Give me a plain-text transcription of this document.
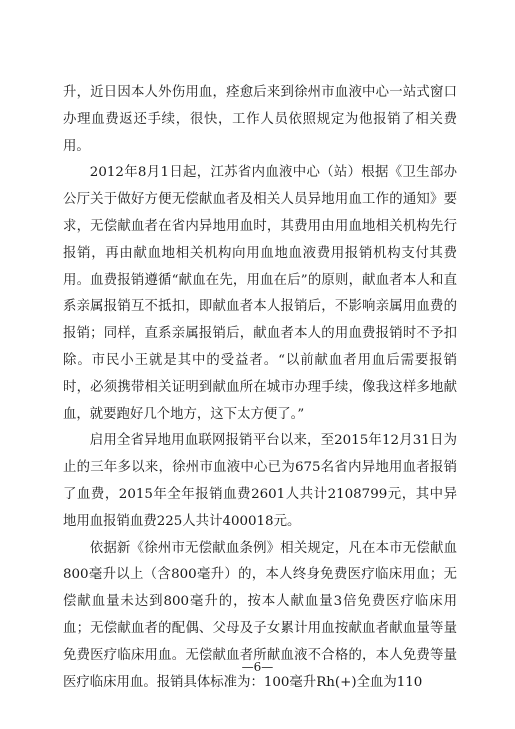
升，近日因本人外伤用血，痊愈后来到徐州市血液中心一站式窗口办理血费返还手续，很快，工作人员依照规定为他报销了相关费用。

2012年8月1日起，江苏省内血液中心（站）根据《卫生部办公厅关于做好方便无偿献血者及相关人员异地用血工作的通知》要求，无偿献血者在省内异地用血时，其费用由用血地相关机构先行报销，再由献血地相关机构向用血地血液费用报销机构支付其费用。血费报销遵循“献血在先，用血在后”的原则，献血者本人和直系亲属报销互不抵扣，即献血者本人报销后，不影响亲属用血费的报销；同样，直系亲属报销后，献血者本人的用血费报销时不予扣除。市民小王就是其中的受益者。“以前献血者用血后需要报销时，必须携带相关证明到献血所在城市办理手续，像我这样多地献血，就要跑好几个地方，这下太方便了。”

启用全省异地用血联网报销平台以来，至2015年12月31日为止的三年多以来，徐州市血液中心已为675名省内异地用血者报销了血费，2015年全年报销血费2601人共计2108799元，其中异地用血报销血费225人共计400018元。

依据新《徐州市无偿献血条例》相关规定，凡在本市无偿献血800毫升以上（含800毫升）的，本人终身免费医疗临床用血；无偿献血量未达到800毫升的，按本人献血量3倍免费医疗临床用血；无偿献血者的配偶、父母及子女累计用血按献血者献血量等量免费医疗临床用血。无偿献血者所献血液不合格的，本人免费等量医疗临床用血。报销具体标准为：100毫升Rh(+)全血为110

—6—
